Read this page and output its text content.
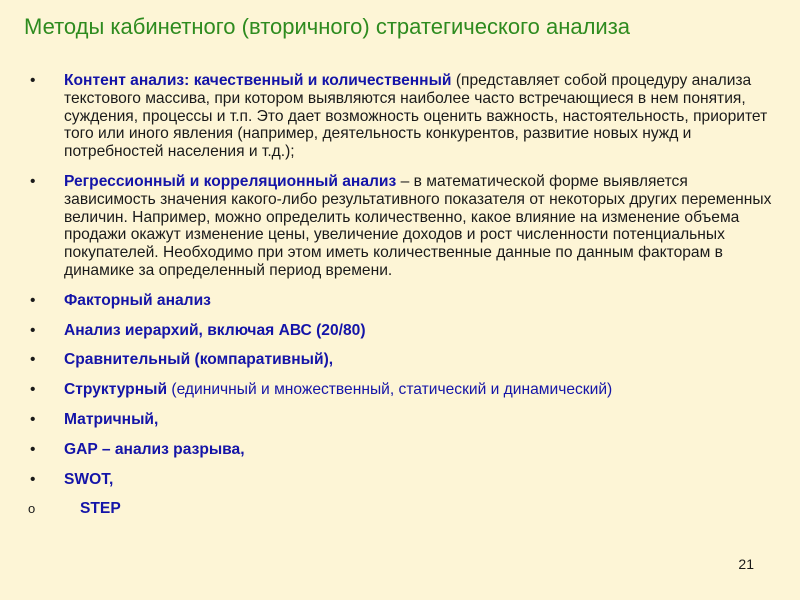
Методы кабинетного (вторичного) стратегического анализа
• Контент анализ: качественный и количественный (представляет собой процедуру анализа текстового массива, при котором выявляются наиболее часто встречающиеся в нем понятия, суждения, процессы и т.п. Это дает возможность оценить важность, настоятельность, приоритет того или иного явления (например, деятельность конкурентов, развитие новых нужд и потребностей населения и т.д.);
• Регрессионный и корреляционный анализ – в математической форме выявляется зависимость значения какого-либо результативного показателя от некоторых других переменных величин. Например, можно определить количественно, какое влияние на изменение объема продажи окажут изменение цены, увеличение доходов и рост численности потенциальных покупателей. Необходимо при этом иметь количественные данные по данным факторам в динамике за определенный период времени.
• Факторный анализ
• Анализ иерархий, включая АВС (20/80)
• Сравнительный (компаративный),
• Структурный (единичный и множественный, статический и динамический)
• Матричный,
• GAP – анализ разрыва,
• SWOT,
o	STEP
21
